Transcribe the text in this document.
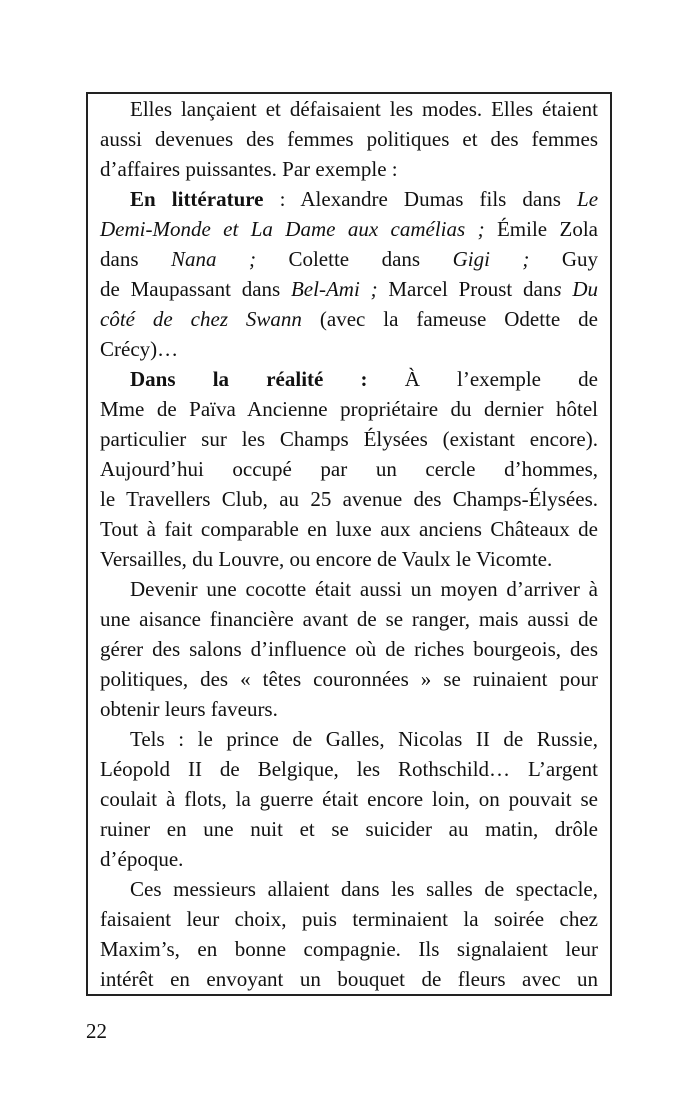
Elles lançaient et défaisaient les modes. Elles étaient
aussi devenues des femmes politiques et des femmes
d’affaires puissantes. Par exemple :
En littérature : Alexandre Dumas fils dans Le
Demi-Monde et La Dame aux camélias ; Émile Zola
dans Nana ; Colette dans Gigi ; Guy
de Maupassant dans Bel-Ami ; Marcel Proust dans Du
côté de chez Swann (avec la fameuse Odette de
Crécy)…
Dans la réalité : À l’exemple de
Mme de Païva Ancienne propriétaire du dernier hôtel
particulier sur les Champs Élysées (existant encore).
Aujourd’hui occupé par un cercle d’hommes,
le Travellers Club, au 25 avenue des Champs-Élysées.
Tout à fait comparable en luxe aux anciens Châteaux de
Versailles, du Louvre, ou encore de Vaulx le Vicomte.
Devenir une cocotte était aussi un moyen d’arriver à
une aisance financière avant de se ranger, mais aussi de
gérer des salons d’influence où de riches bourgeois, des
politiques, des « têtes couronnées » se ruinaient pour
obtenir leurs faveurs.
Tels : le prince de Galles, Nicolas II de Russie,
Léopold II de Belgique, les Rothschild… L’argent
coulait à flots, la guerre était encore loin, on pouvait se
ruiner en une nuit et se suicider au matin, drôle
d’époque.
Ces messieurs allaient dans les salles de spectacle,
faisaient leur choix, puis terminaient la soirée chez
Maxim’s, en bonne compagnie. Ils signalaient leur
intérêt en envoyant un bouquet de fleurs avec un
22
